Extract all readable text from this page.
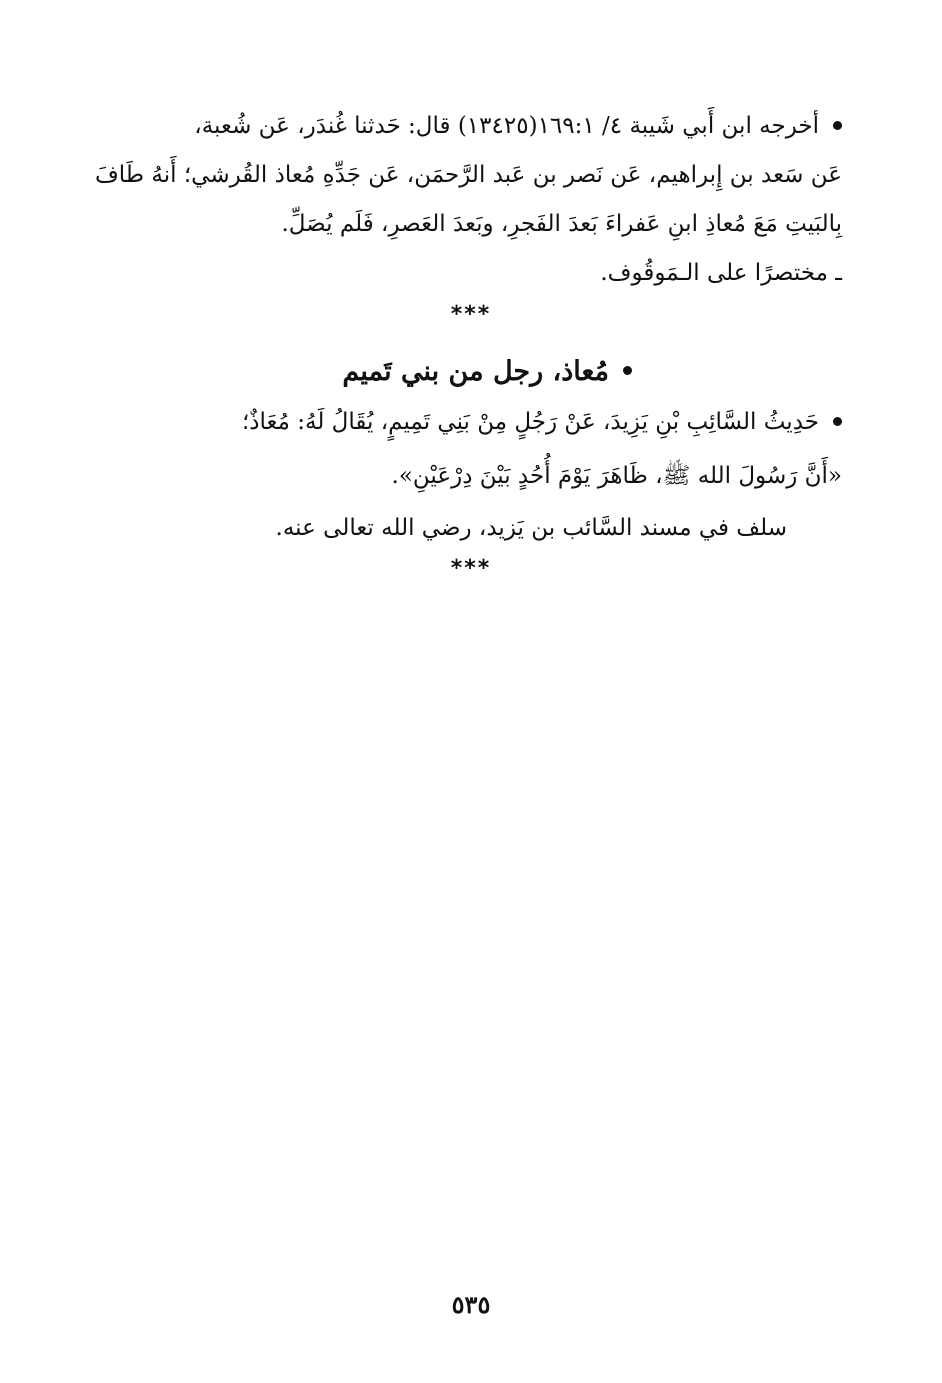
أخرجه ابن أَبي شَيبة ٤/ ١٦٩:١(١٣٤٢٥) قال: حَدثنا غُندَر، عَن شُعبة،
عَن سَعد بن إِبراهيم، عَن نَصر بن عَبد الرَّحمَن، عَن جَدِّهِ مُعاذ القُرشي؛ أَنهُ طَافَ
بِالبَيتِ مَعَ مُعاذِ ابنِ عَفراءَ بَعدَ الفَجرِ، وبَعدَ العَصرِ، فَلَم يُصَلِّ.
ـ مختصرًا على الـمَوقُوف.
***
مُعاذ، رجل من بني تَميم
حَدِيثُ السَّائِبِ بْنِ يَزِيدَ، عَنْ رَجُلٍ مِنْ بَنِي تَمِيمٍ، يُقَالُ لَهُ: مُعَاذٌ؛
«أَنَّ رَسُولَ الله ﷺ، ظَاهَرَ يَوْمَ أُحُدٍ بَيْنَ دِرْعَيْنِ».
سلف في مسند السَّائب بن يَزيد، رضي الله تعالى عنه.
***
٥٣٥
